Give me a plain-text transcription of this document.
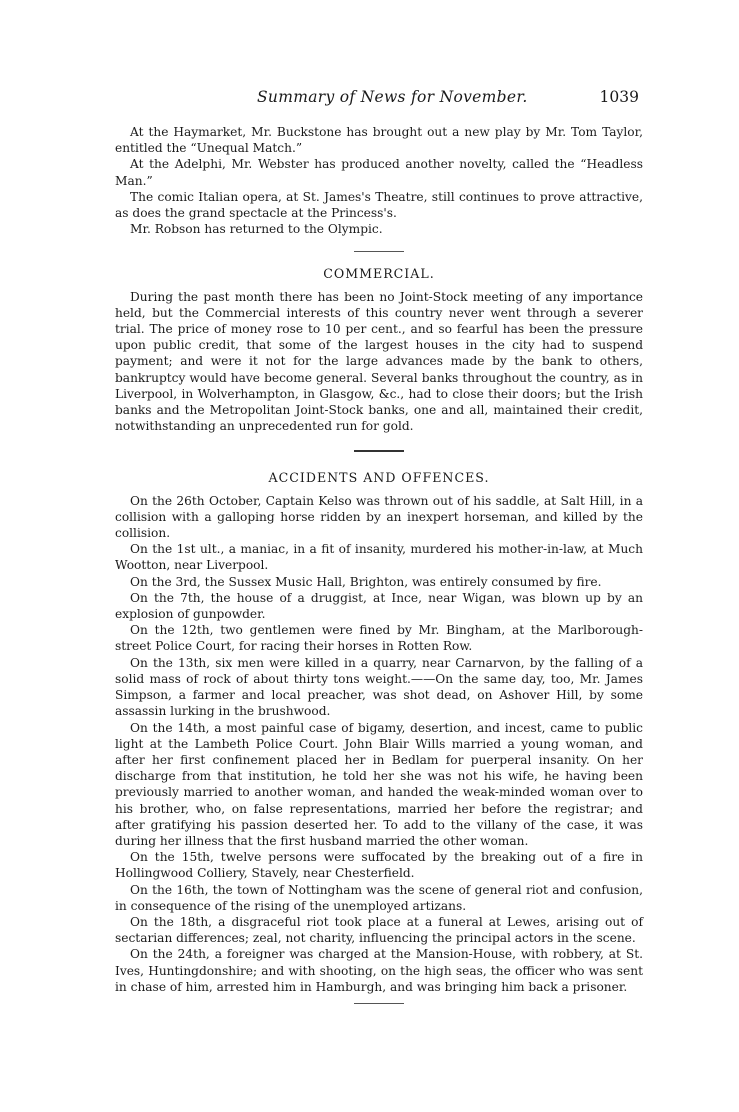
Summary of News for November.	1039

At the Haymarket, Mr. Buckstone has brought out a new play by Mr. Tom Taylor, entitled the “Unequal Match.”

At the Adelphi, Mr. Webster has produced another novelty, called the “Headless Man.”

The comic Italian opera, at St. James's Theatre, still continues to prove attractive, as does the grand spectacle at the Princess's.

Mr. Robson has returned to the Olympic.

COMMERCIAL.

During the past month there has been no Joint-Stock meeting of any importance held, but the Commercial interests of this country never went through a severer trial. The price of money rose to 10 per cent., and so fearful has been the pressure upon public credit, that some of the largest houses in the city had to suspend payment; and were it not for the large advances made by the bank to others, bankruptcy would have become general. Several banks throughout the country, as in Liverpool, in Wolverhampton, in Glasgow, &c., had to close their doors; but the Irish banks and the Metropolitan Joint-Stock banks, one and all, maintained their credit, notwithstanding an unprecedented run for gold.

ACCIDENTS AND OFFENCES.

On the 26th October, Captain Kelso was thrown out of his saddle, at Salt Hill, in a collision with a galloping horse ridden by an inexpert horseman, and killed by the collision.

On the 1st ult., a maniac, in a fit of insanity, murdered his mother-in-law, at Much Wootton, near Liverpool.

On the 3rd, the Sussex Music Hall, Brighton, was entirely consumed by fire.

On the 7th, the house of a druggist, at Ince, near Wigan, was blown up by an explosion of gunpowder.

On the 12th, two gentlemen were fined by Mr. Bingham, at the Marlborough-street Police Court, for racing their horses in Rotten Row.

On the 13th, six men were killed in a quarry, near Carnarvon, by the falling of a solid mass of rock of about thirty tons weight.——On the same day, too, Mr. James Simpson, a farmer and local preacher, was shot dead, on Ashover Hill, by some assassin lurking in the brushwood.

On the 14th, a most painful case of bigamy, desertion, and incest, came to public light at the Lambeth Police Court. John Blair Wills married a young woman, and after her first confinement placed her in Bedlam for puerperal insanity. On her discharge from that institution, he told her she was not his wife, he having been previously married to another woman, and handed the weak-minded woman over to his brother, who, on false representations, married her before the registrar; and after gratifying his passion deserted her. To add to the villany of the case, it was during her illness that the first husband married the other woman.

On the 15th, twelve persons were suffocated by the breaking out of a fire in Hollingwood Colliery, Stavely, near Chesterfield.

On the 16th, the town of Nottingham was the scene of general riot and confusion, in consequence of the rising of the unemployed artizans.

On the 18th, a disgraceful riot took place at a funeral at Lewes, arising out of sectarian differences; zeal, not charity, influencing the principal actors in the scene.

On the 24th, a foreigner was charged at the Mansion-House, with robbery, at St. Ives, Huntingdonshire; and with shooting, on the high seas, the officer who was sent in chase of him, arrested him in Hamburgh, and was bringing him back a prisoner.
